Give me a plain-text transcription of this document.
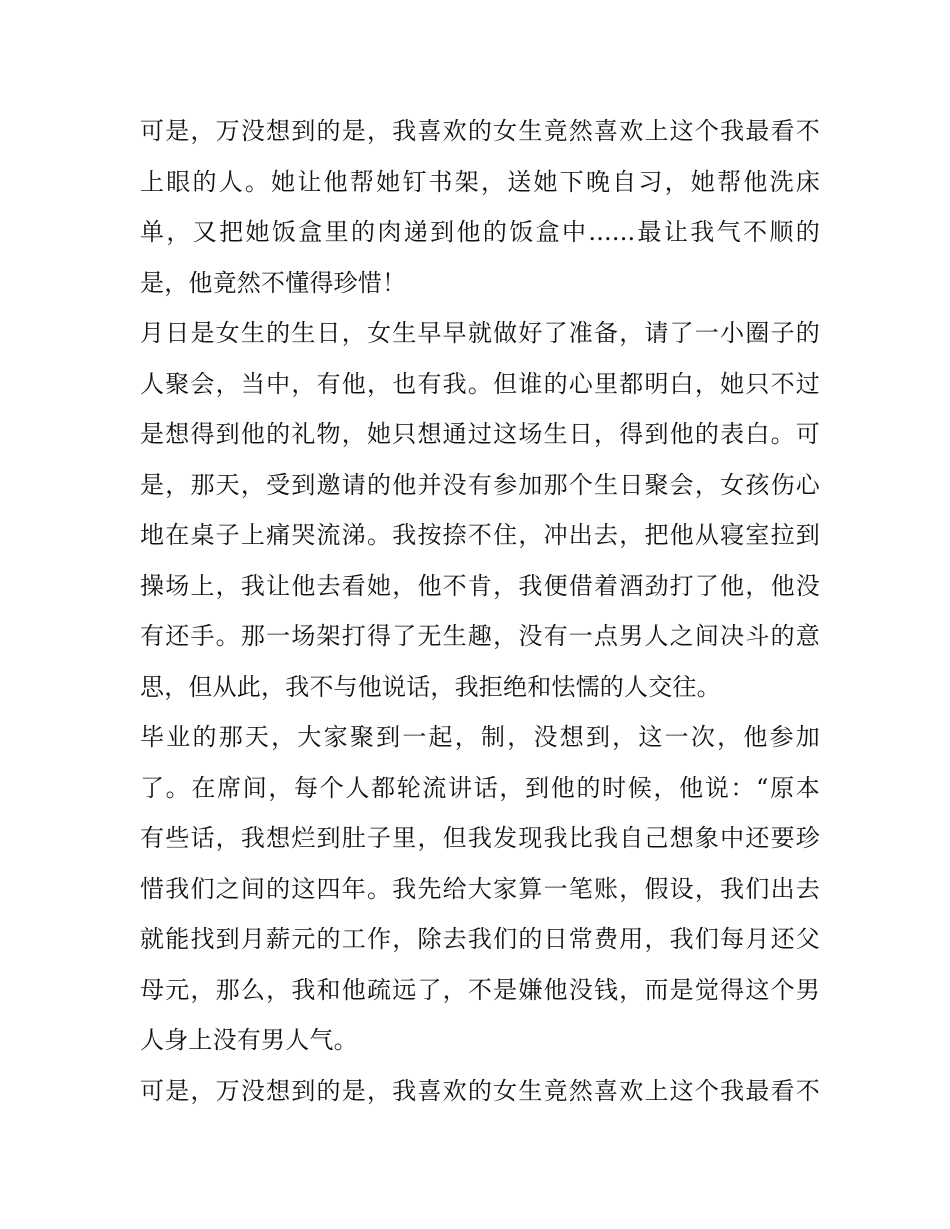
可是，万没想到的是，我喜欢的女生竟然喜欢上这个我最看不
上眼的人。她让他帮她钉书架，送她下晚自习，她帮他洗床
单，又把她饭盒里的肉递到他的饭盒中......最让我气不顺的
是，他竟然不懂得珍惜！
月日是女生的生日，女生早早就做好了准备，请了一小圈子的
人聚会，当中，有他，也有我。但谁的心里都明白，她只不过
是想得到他的礼物，她只想通过这场生日，得到他的表白。可
是，那天，受到邀请的他并没有参加那个生日聚会，女孩伤心
地在桌子上痛哭流涕。我按捺不住，冲出去，把他从寝室拉到
操场上，我让他去看她，他不肯，我便借着酒劲打了他，他没
有还手。那一场架打得了无生趣，没有一点男人之间决斗的意
思，但从此，我不与他说话，我拒绝和怯懦的人交往。
毕业的那天，大家聚到一起，制，没想到，这一次，他参加
了。在席间，每个人都轮流讲话，到他的时候，他说：“原本
有些话，我想烂到肚子里，但我发现我比我自己想象中还要珍
惜我们之间的这四年。我先给大家算一笔账，假设，我们出去
就能找到月薪元的工作，除去我们的日常费用，我们每月还父
母元，那么，我和他疏远了，不是嫌他没钱，而是觉得这个男
人身上没有男人气。
可是，万没想到的是，我喜欢的女生竟然喜欢上这个我最看不
